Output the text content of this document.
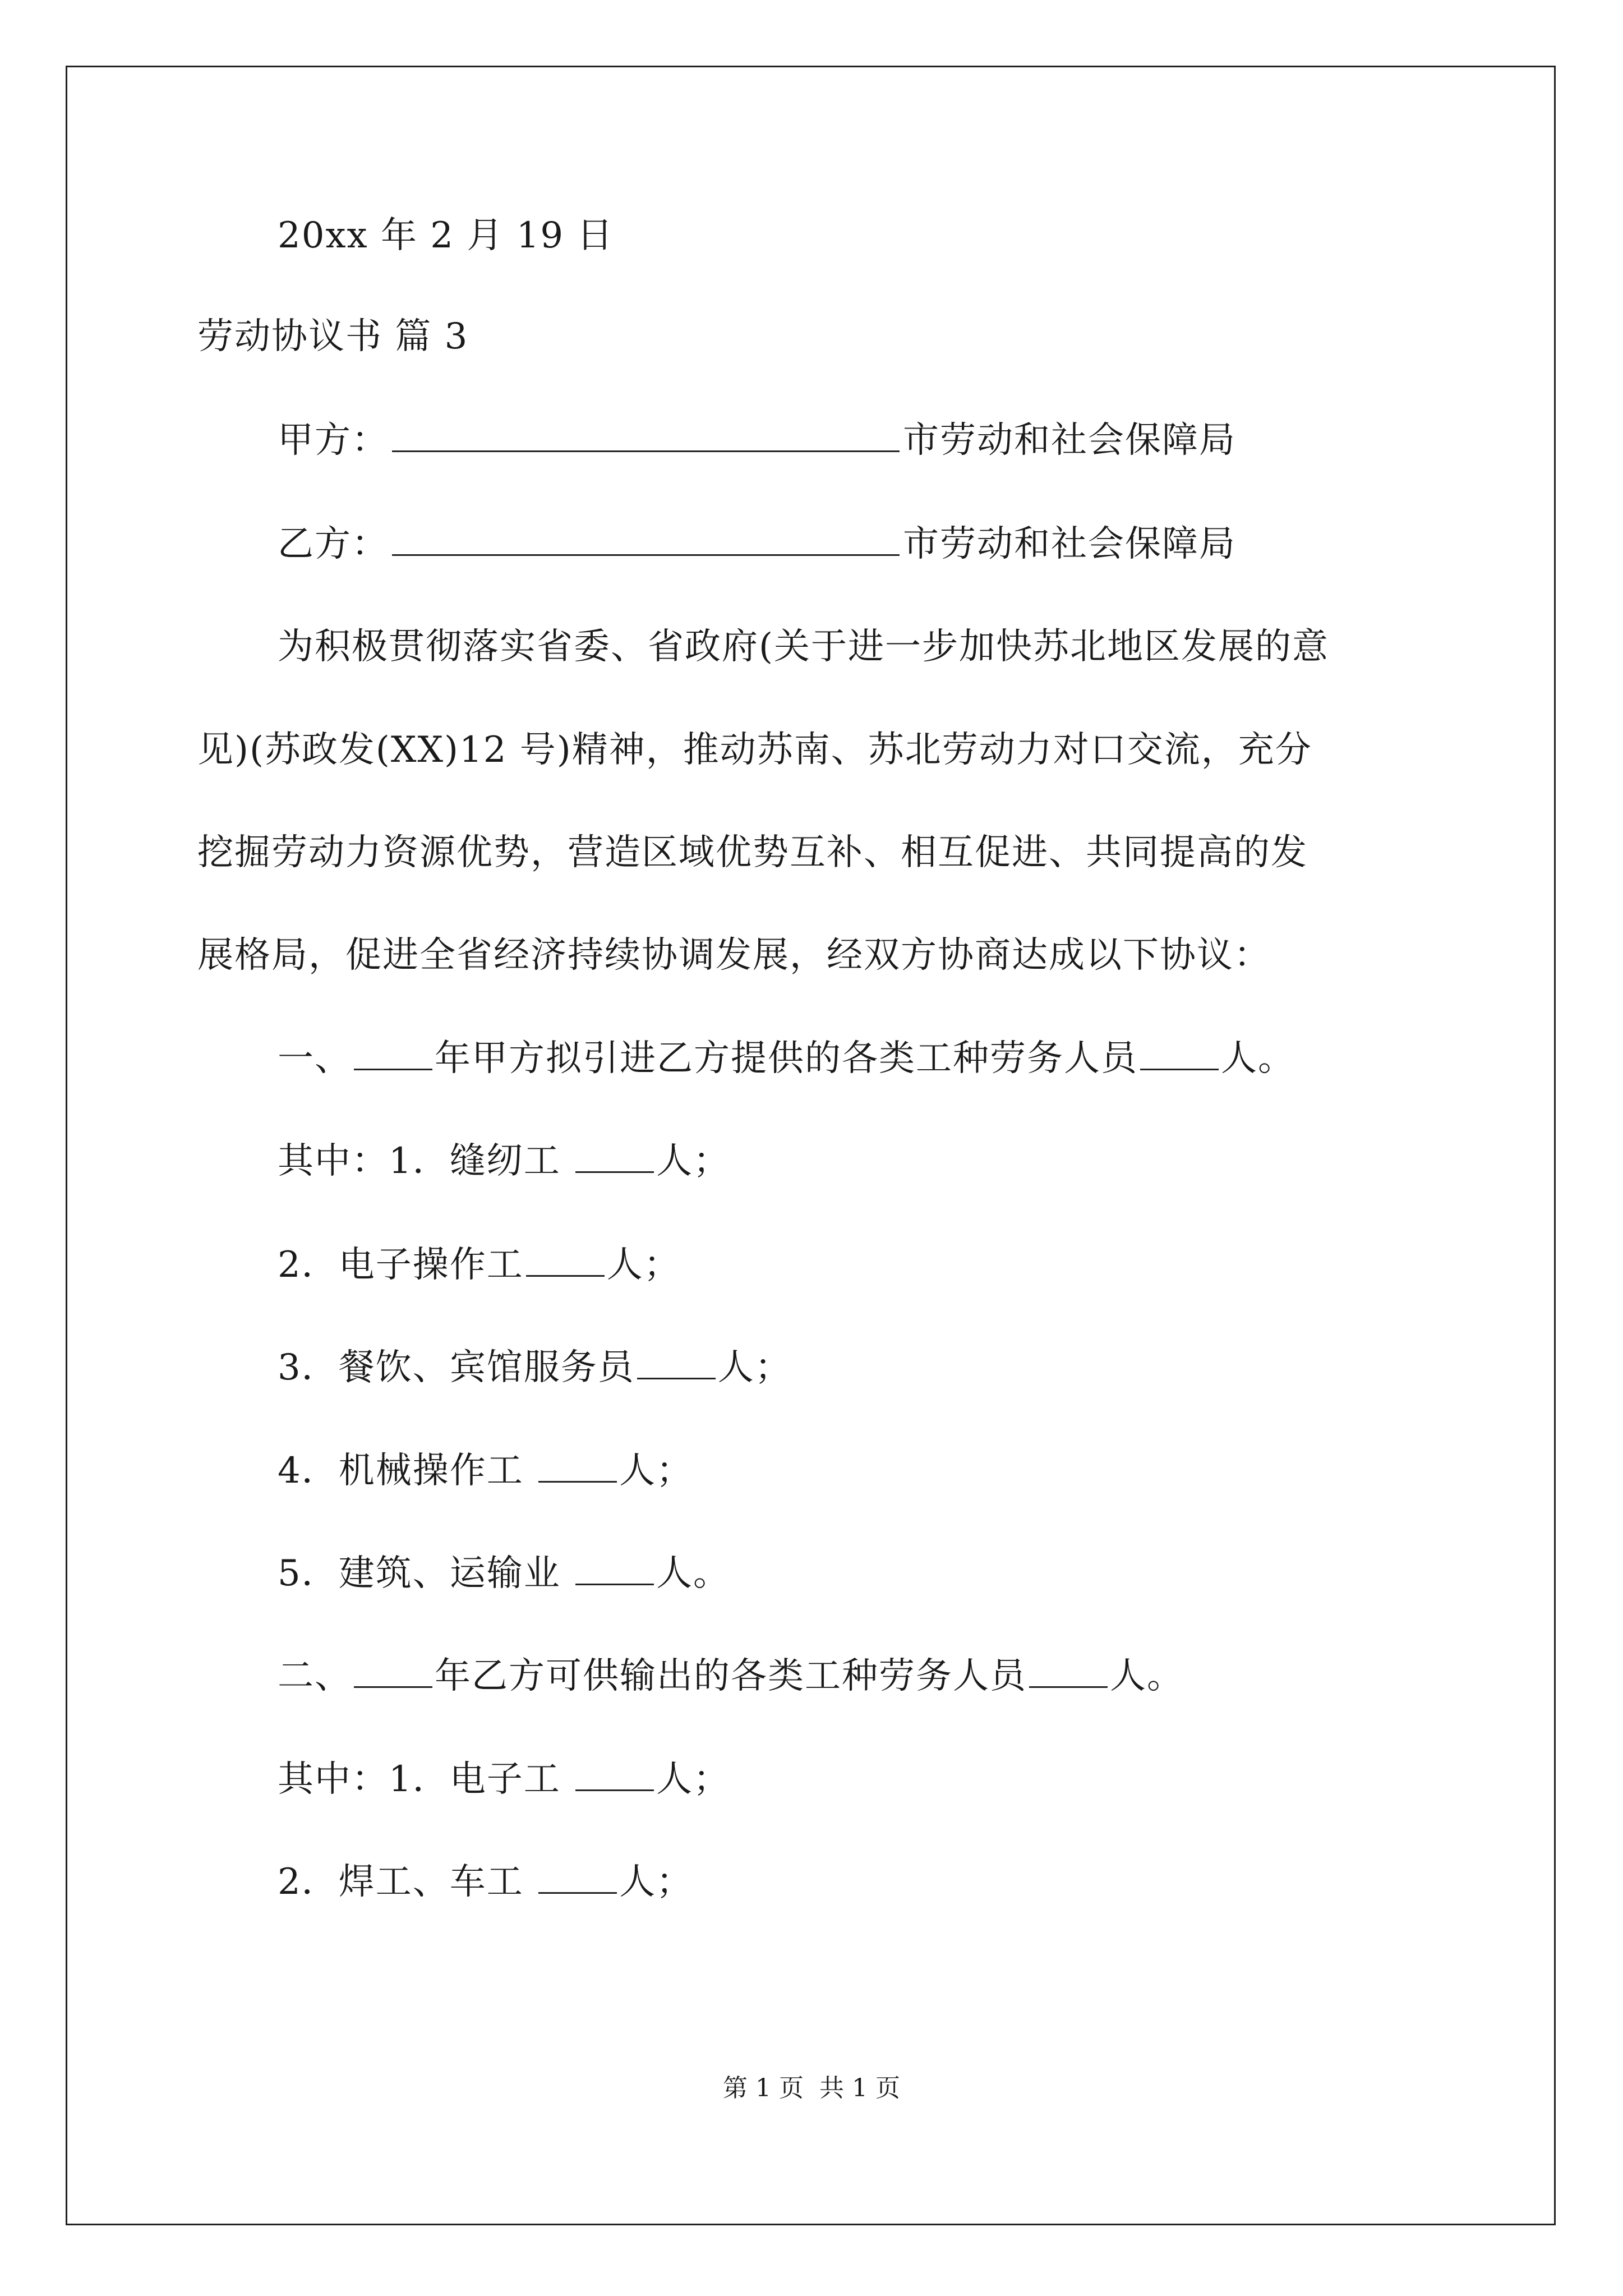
20xx 年 2 月 19 日
劳动协议书 篇 3
甲方：	市劳动和社会保障局
乙方：	市劳动和社会保障局
为积极贯彻落实省委、省政府(关于进一步加快苏北地区发展的意
见)(苏政发(XX)12 号)精神，推动苏南、苏北劳动力对口交流，充分
挖掘劳动力资源优势，营造区域优势互补、相互促进、共同提高的发
展格局，促进全省经济持续协调发展，经双方协商达成以下协议：
一、 年甲方拟引进乙方提供的各类工种劳务人员 人。
其中：1．缝纫工 人；
2．电子操作工 人；
3．餐饮、宾馆服务员 人；
4．机械操作工 人；
5．建筑、运输业 人。
二、 年乙方可供输出的各类工种劳务人员 人。
其中：1．电子工 人；
2．焊工、车工 人；
第 1 页 共 1 页
